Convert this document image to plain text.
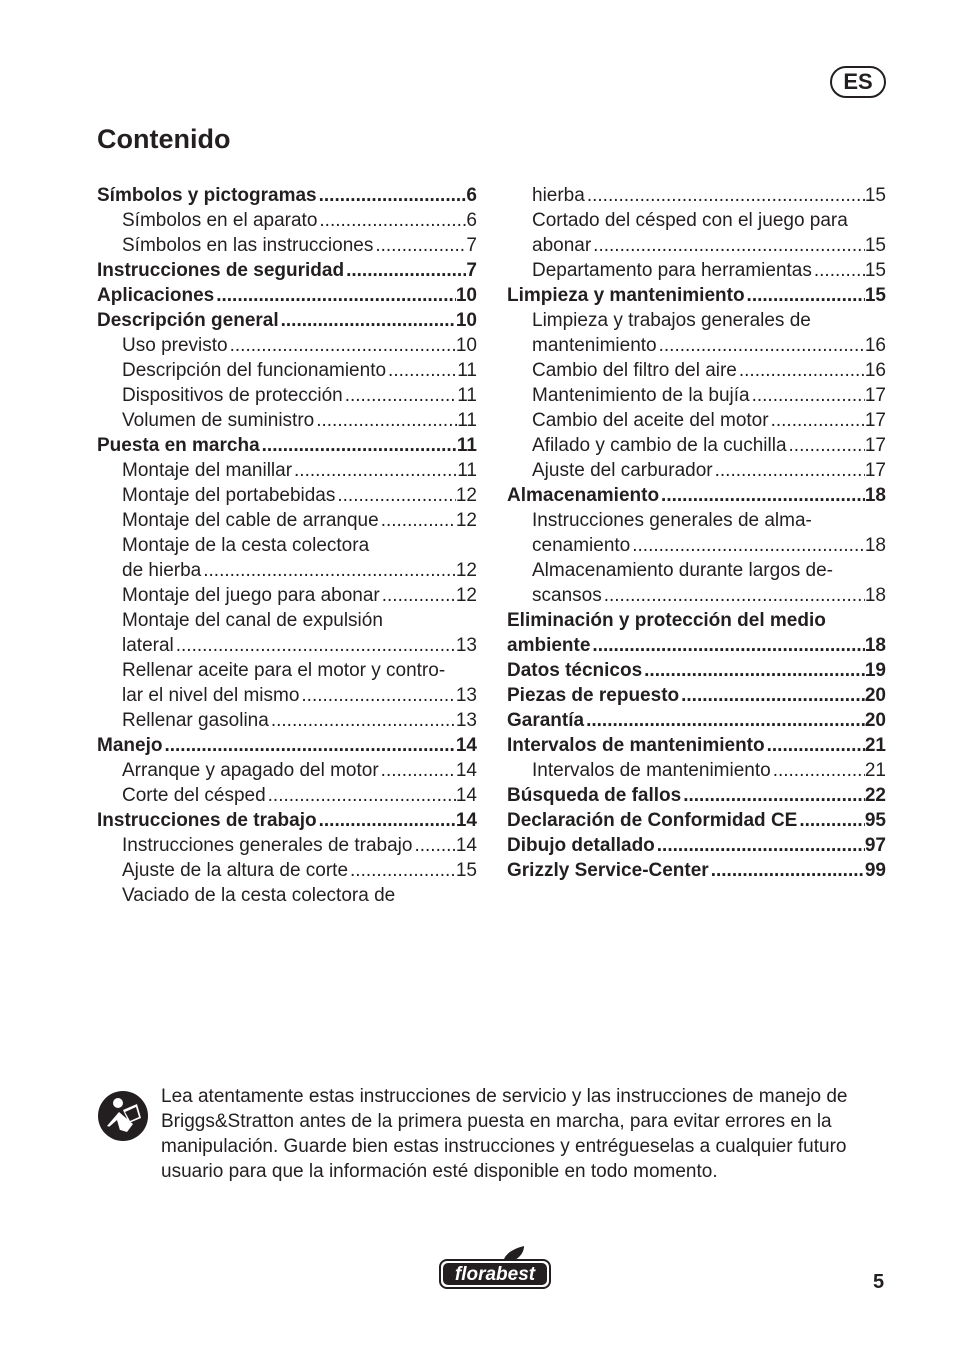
ES
Contenido
Símbolos y pictogramas .....	6
Símbolos en el aparato .....	6
Símbolos en las instrucciones .....	7
Instrucciones de seguridad .....	7
Aplicaciones .....	10
Descripción general .....	10
Uso previsto .....	10
Descripción del funcionamiento .....	11
Dispositivos de protección .....	11
Volumen de suministro .....	11
Puesta en marcha .....	11
Montaje del manillar .....	11
Montaje del portabebidas .....	12
Montaje del cable de arranque .....	12
Montaje de la cesta colectora
de hierba .....	12
Montaje del juego para abonar .....	12
Montaje del canal de expulsión
lateral .....	13
Rellenar aceite para el motor y contro-
lar el nivel del mismo .....	13
Rellenar gasolina .....	13
Manejo .....	14
Arranque y apagado del motor .....	14
Corte del césped .....	14
Instrucciones de trabajo .....	14
Instrucciones generales de trabajo ..... 14
Ajuste de la altura de corte .....	15
Vaciado de la cesta colectora de
hierba .....	15
Cortado del césped con el juego para
abonar .....	15
Departamento para herramientas .....	15
Limpieza y mantenimiento .....	15
Limpieza y trabajos generales de
mantenimiento .....	16
Cambio del filtro del aire .....	16
Mantenimiento de la bujía .....	17
Cambio del aceite del motor .....	17
Afilado y cambio de la cuchilla .....	17
Ajuste del carburador .....	17
Almacenamiento .....	18
Instrucciones generales de alma-
cenamiento .....	18
Almacenamiento durante largos de-
scansos .....	18
Eliminación y protección del medio
ambiente .....	18
Datos técnicos .....	19
Piezas de repuesto .....	20
Garantía .....	20
Intervalos de mantenimiento .....	21
Intervalos de mantenimiento .....	21
Búsqueda de fallos .....	22
Declaración de Conformidad CE .....	95
Dibujo detallado .....	97
Grizzly Service-Center .....	99

Lea atentamente estas instrucciones de servicio y las instrucciones de manejo de Briggs&Stratton antes de la primera puesta en marcha, para evitar errores en la manipulación. Guarde bien estas instrucciones y entrégueselas a cualquier futuro usuario para que la información esté disponible en todo momento.

florabest	5
